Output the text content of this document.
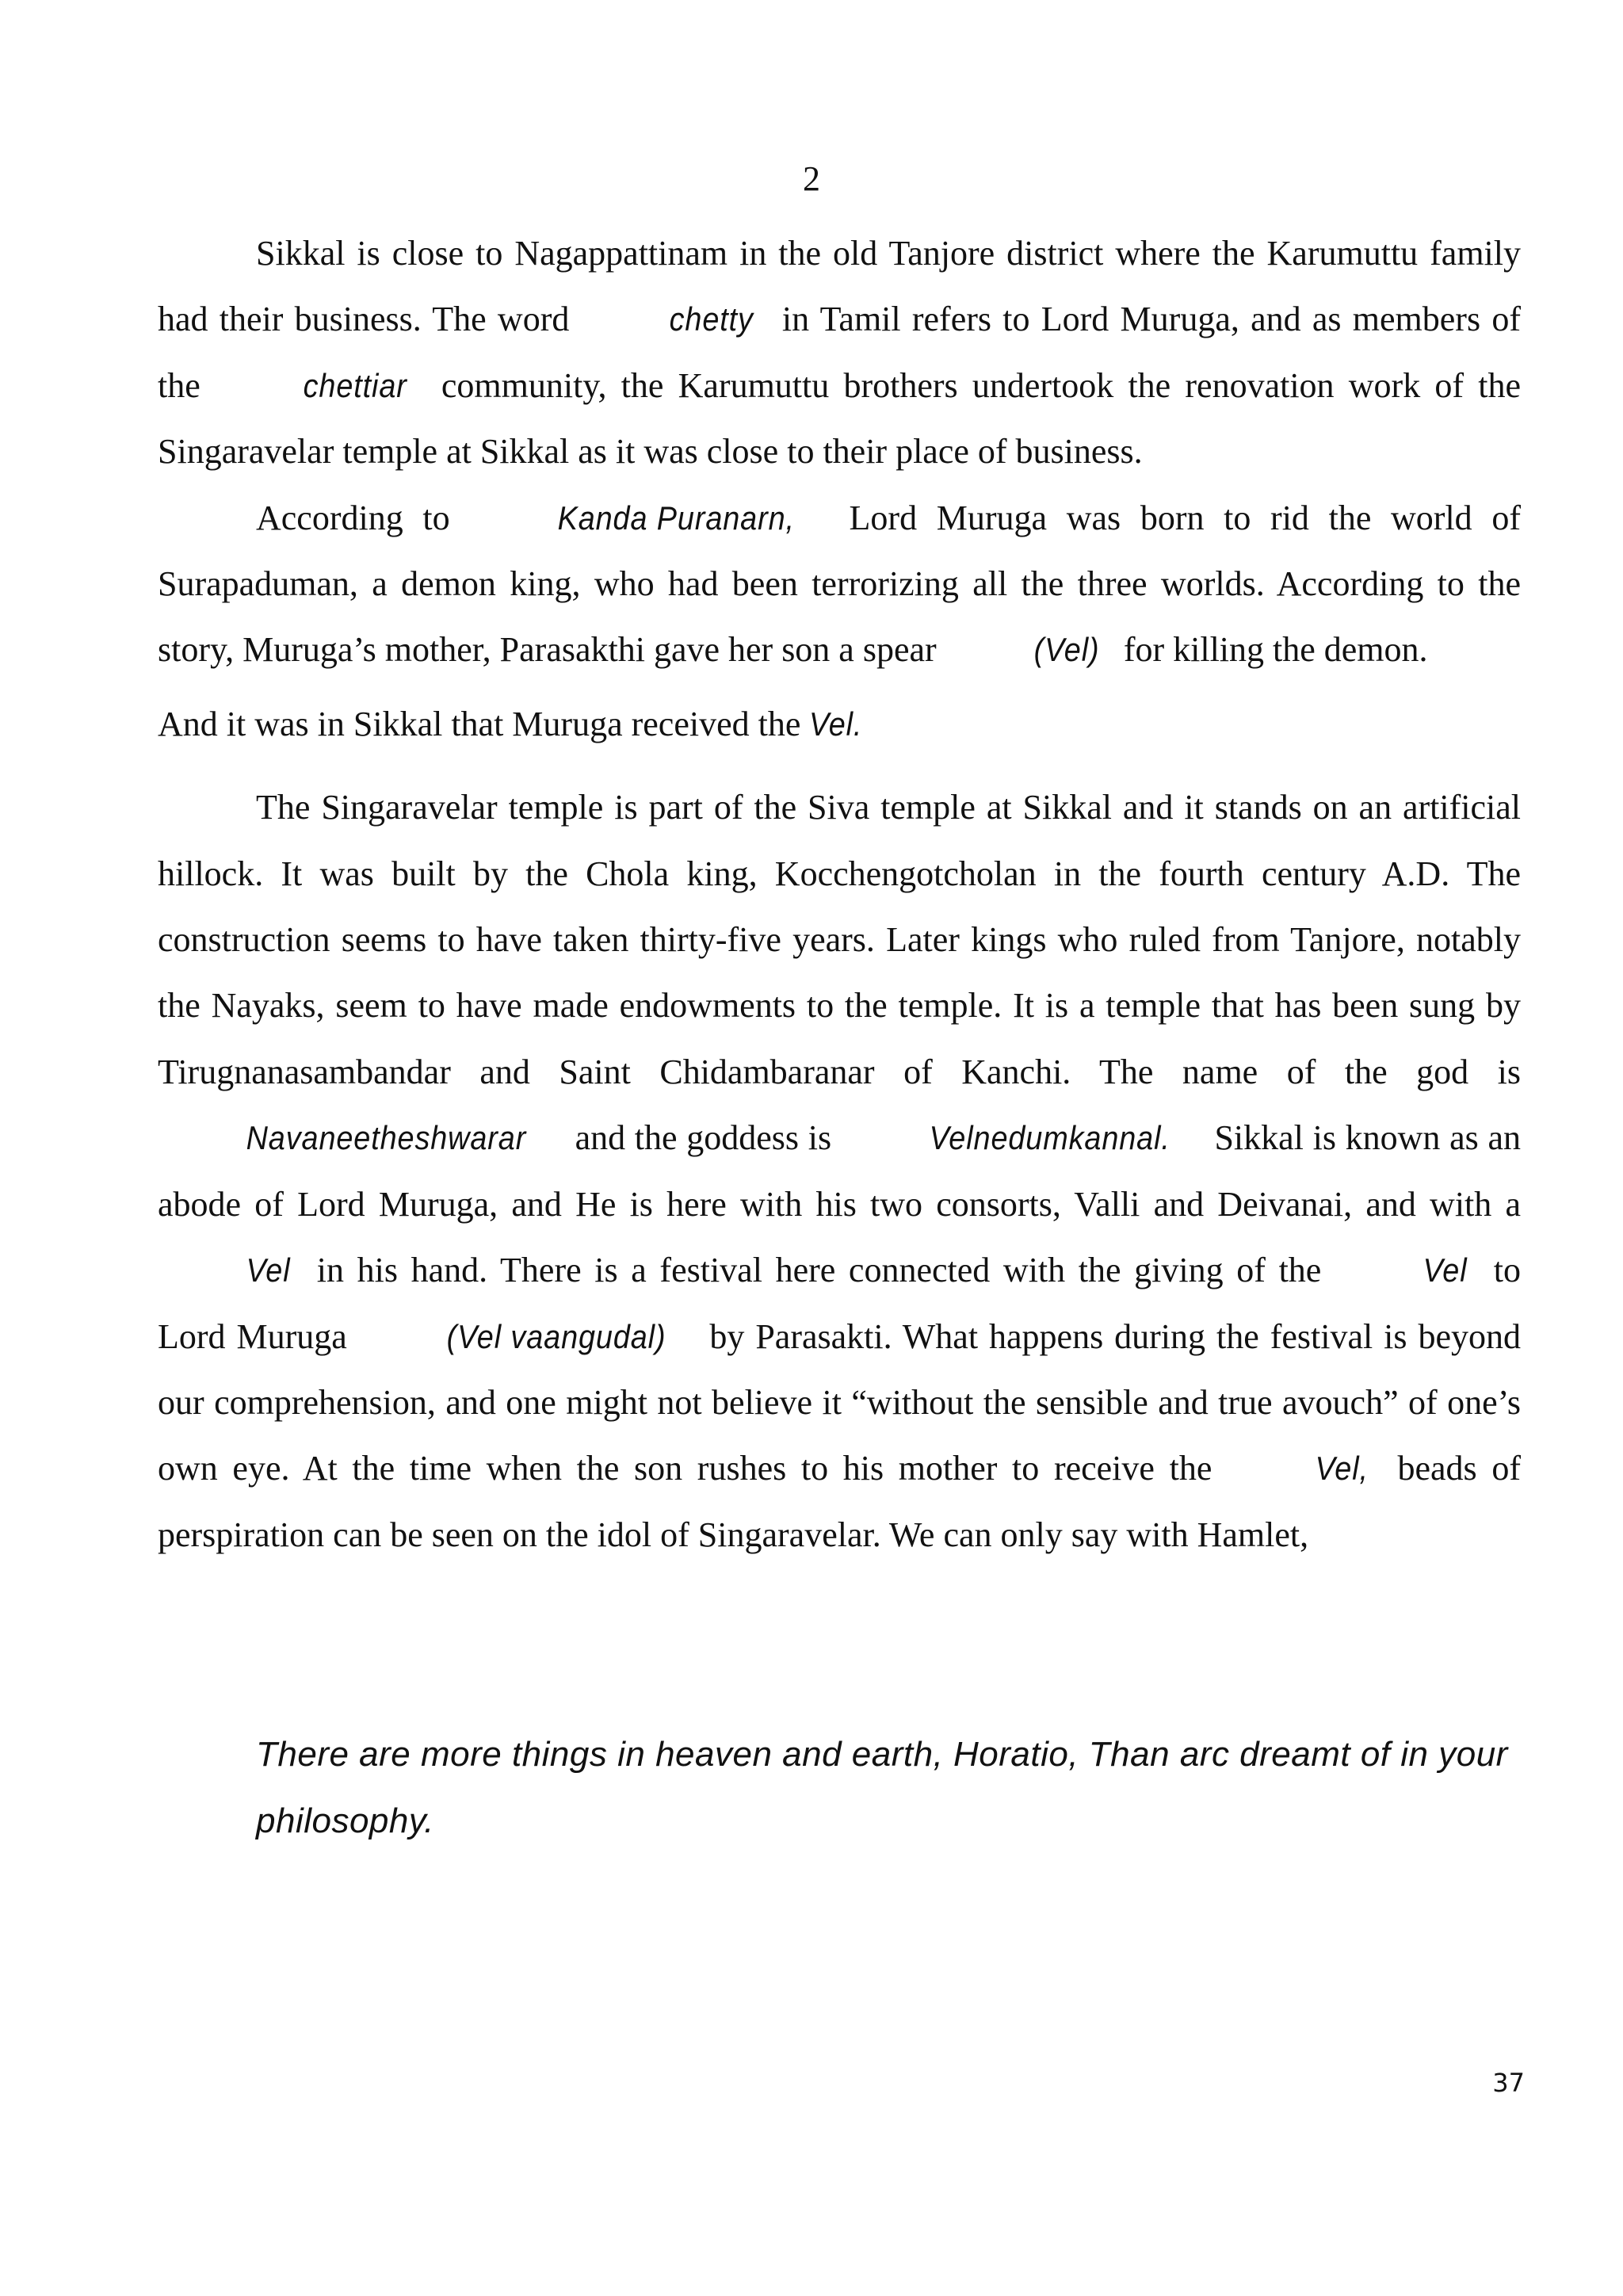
2

Sikkal is close to Nagappattinam in the old Tanjore district where the Karumuttu family had their business. The word	chetty in Tamil refers to Lord Muruga, and as members of the	chettiar community, the Karumuttu brothers undertook the renovation work of the Singaravelar temple at Sikkal as it was close to their place of business.

According to	Kanda Puranarn, Lord Muruga was born to rid the world of Surapaduman, a demon king, who had been terrorizing all the three worlds. According to the story, Muruga’s mother, Parasakthi gave her son a spear	(Vel) for killing the demon.

And it was in Sikkal that Muruga received the Vel.

The Singaravelar temple is part of the Siva temple at Sikkal and it stands on an artificial hillock. It was built by the Chola king, Kocchengotcholan in the fourth century A.D. The construction seems to have taken thirty-five years. Later kings who ruled from Tanjore, notably the Nayaks, seem to have made endowments to the temple. It is a temple that has been sung by Tirugnanasambandar and Saint Chidambaranar of Kanchi. The name of the god is Navaneetheshwarar and the goddess is	Velnedumkannal. Sikkal is known as an abode of Lord Muruga, and He is here with his two consorts, Valli and Deivanai, and with a Vel in his hand. There is a festival here connected with the giving of the	Vel to Lord Muruga	(Vel vaangudal) by Parasakti. What happens during the festival is beyond our comprehension, and one might not believe it “without the sensible and true avouch” of one’s own eye. At the time when the son rushes to his mother to receive the	Vel, beads of perspiration can be seen on the idol of Singaravelar. We can only say with Hamlet,

There are more things in heaven and earth, Horatio, Than arc dreamt of in your philosophy.

37
